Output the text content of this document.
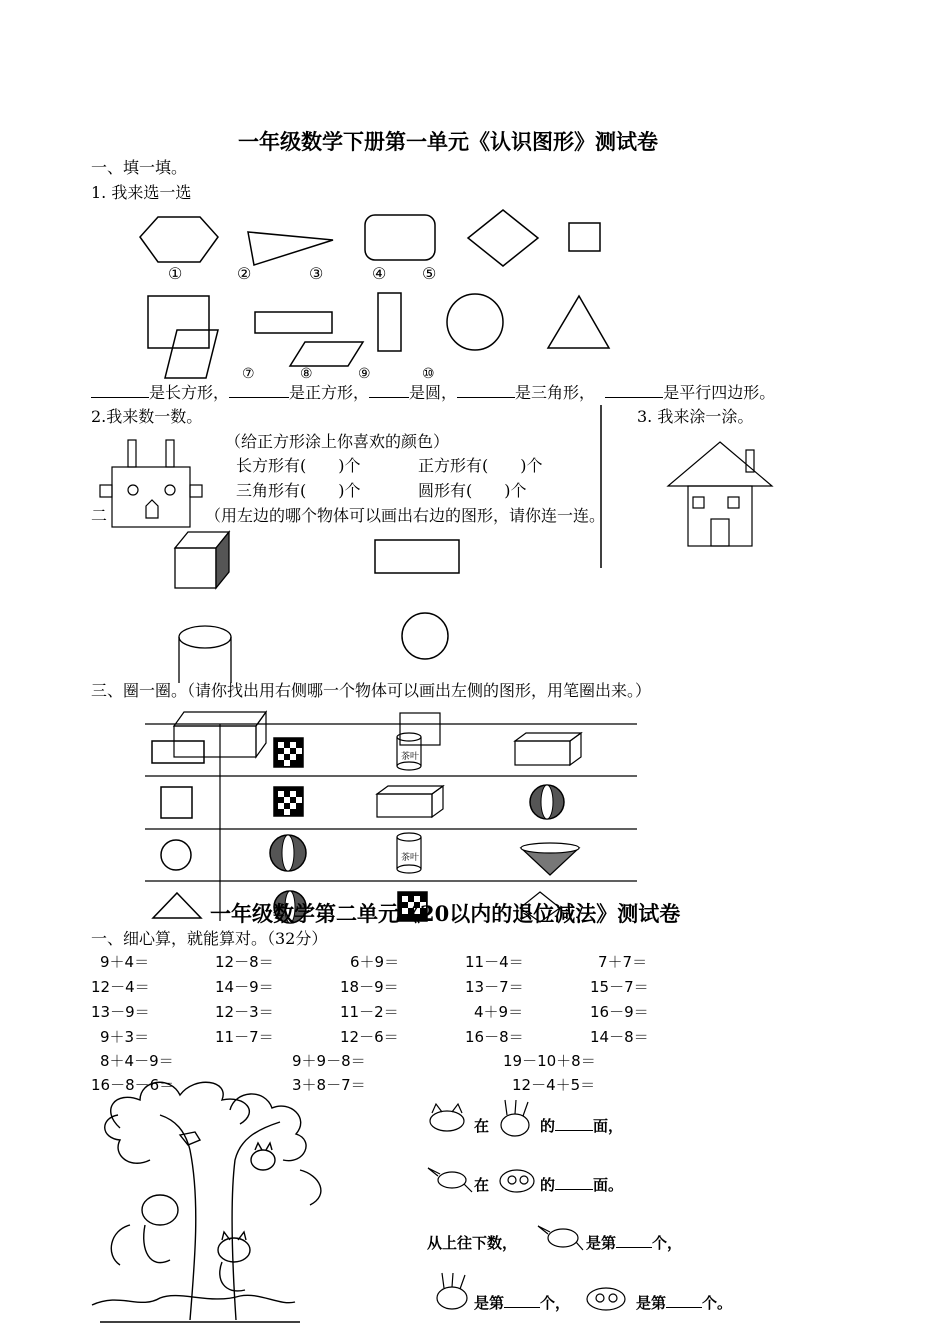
一年级数学下册第一单元《认识图形》测试卷
一、填一填。
1. 我来选一选
①	②	③	④ ⑤
⑦	⑧	⑨	⑩
是长方形，	是正方形，	是圆，	是三角形，	是平行四边形。
2.我来数一数。	3. 我来涂一涂。
（给正方形涂上你喜欢的颜色）
长方形有(　　)个	正方形有(　　)个
三角形有(　　)个	圆形有(　　)个
二	（用左边的哪个物体可以画出右边的图形，请你连一连。
三、圈一圈。（请你找出用右侧哪一个物体可以画出左侧的图形，用笔圈出来。）
茶叶
茶叶
一年级数学第二单元《20以内的退位减法》测试卷
一、细心算，就能算对。（32分）
9＋4＝	12－8＝	6＋9＝	11－4＝	7＋7＝
12－4＝	14－9＝	18－9＝	13－7＝	15－7＝
13－9＝	12－3＝	11－2＝	4＋9＝	16－9＝
9＋3＝	11－7＝	12－6＝	16－8＝	14－8＝
8＋4－9＝	9＋9－8＝	19－10＋8＝
16－8－6＝	3＋8－7＝	12－4＋5＝
在	的	面，
在	的	面。
从上往下数，	是第 个，
是第 个，	是第 个。
